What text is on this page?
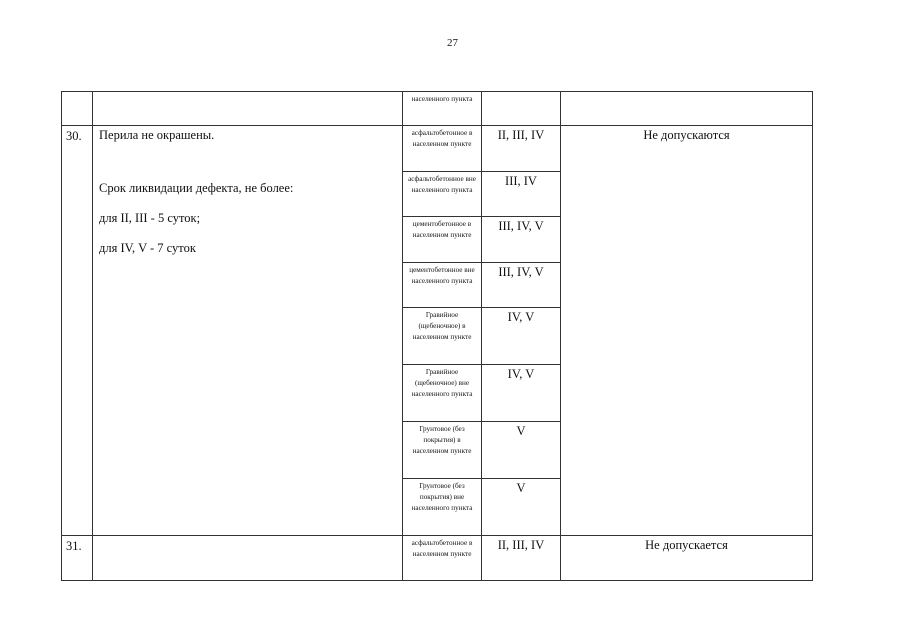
27
		населенного пункта		
30.	Перила не окрашены.

Срок ликвидации дефекта, не более:

для II, III - 5 суток;

для IV, V - 7 суток	асфальтобетонное в населенном пункте	II, III, IV	Не допускаются
		асфальтобетонное вне населенного пункта	III, IV	
		цементобетонное в населенном пункте	III, IV, V	
		цементобетонное вне населенного пункта	III, IV, V	
		Гравийное (щебеночное) в населенном пункте	IV, V	
		Гравийное (щебеночное) вне населенного пункта	IV, V	
		Грунтовое (без покрытия) в населенном пункте	V	
		Грунтовое (без покрытия) вне населенного пункта	V	
31.		асфальтобетонное в населенном пункте	II, III, IV	Не допускается
